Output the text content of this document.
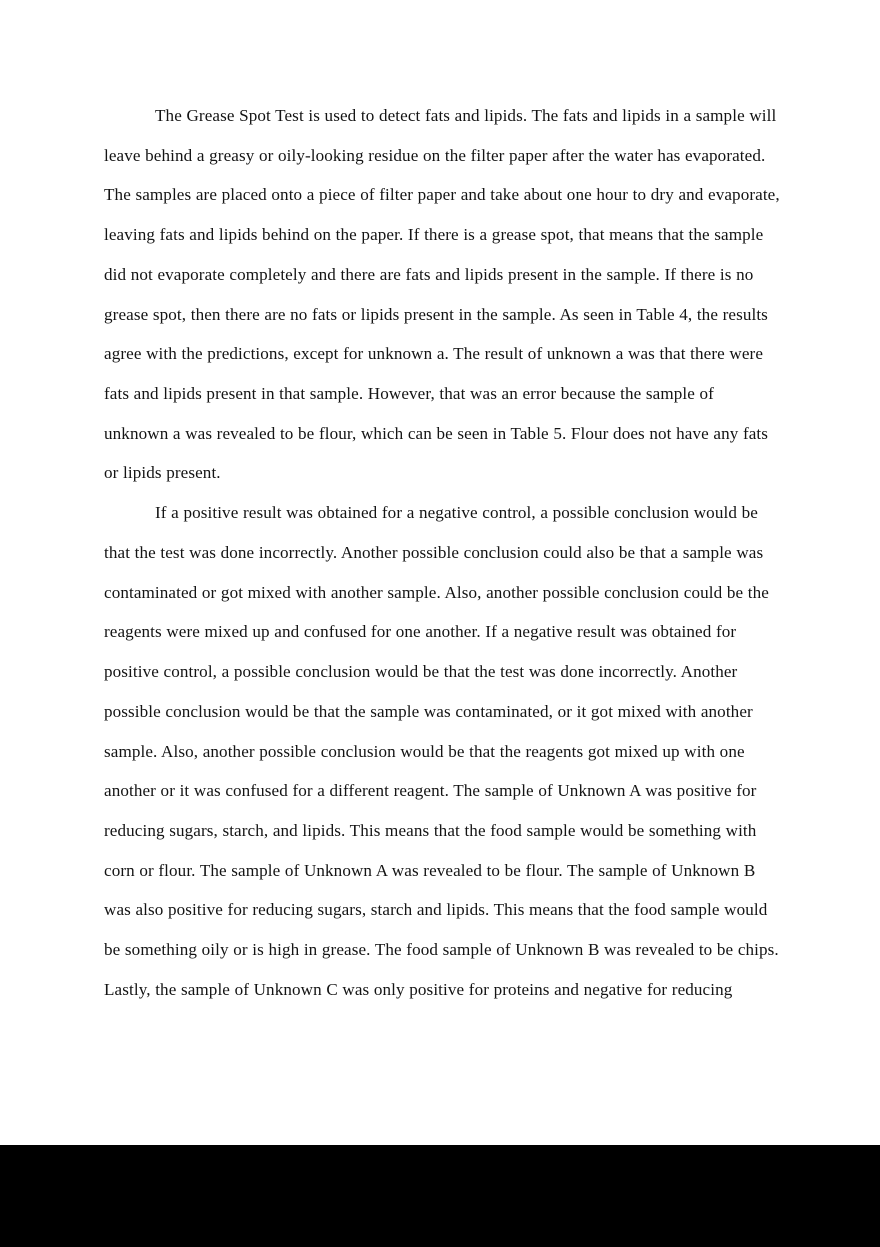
The Grease Spot Test is used to detect fats and lipids. The fats and lipids in a sample will leave behind a greasy or oily-looking residue on the filter paper after the water has evaporated. The samples are placed onto a piece of filter paper and take about one hour to dry and evaporate, leaving fats and lipids behind on the paper. If there is a grease spot, that means that the sample did not evaporate completely and there are fats and lipids present in the sample. If there is no grease spot, then there are no fats or lipids present in the sample. As seen in Table 4, the results agree with the predictions, except for unknown a. The result of unknown a was that there were fats and lipids present in that sample. However, that was an error because the sample of unknown a was revealed to be flour, which can be seen in Table 5. Flour does not have any fats or lipids present.

If a positive result was obtained for a negative control, a possible conclusion would be that the test was done incorrectly. Another possible conclusion could also be that a sample was contaminated or got mixed with another sample. Also, another possible conclusion could be the reagents were mixed up and confused for one another. If a negative result was obtained for positive control, a possible conclusion would be that the test was done incorrectly. Another possible conclusion would be that the sample was contaminated, or it got mixed with another sample. Also, another possible conclusion would be that the reagents got mixed up with one another or it was confused for a different reagent. The sample of Unknown A was positive for reducing sugars, starch, and lipids. This means that the food sample would be something with corn or flour. The sample of Unknown A was revealed to be flour. The sample of Unknown B was also positive for reducing sugars, starch and lipids. This means that the food sample would be something oily or is high in grease. The food sample of Unknown B was revealed to be chips. Lastly, the sample of Unknown C was only positive for proteins and negative for reducing
